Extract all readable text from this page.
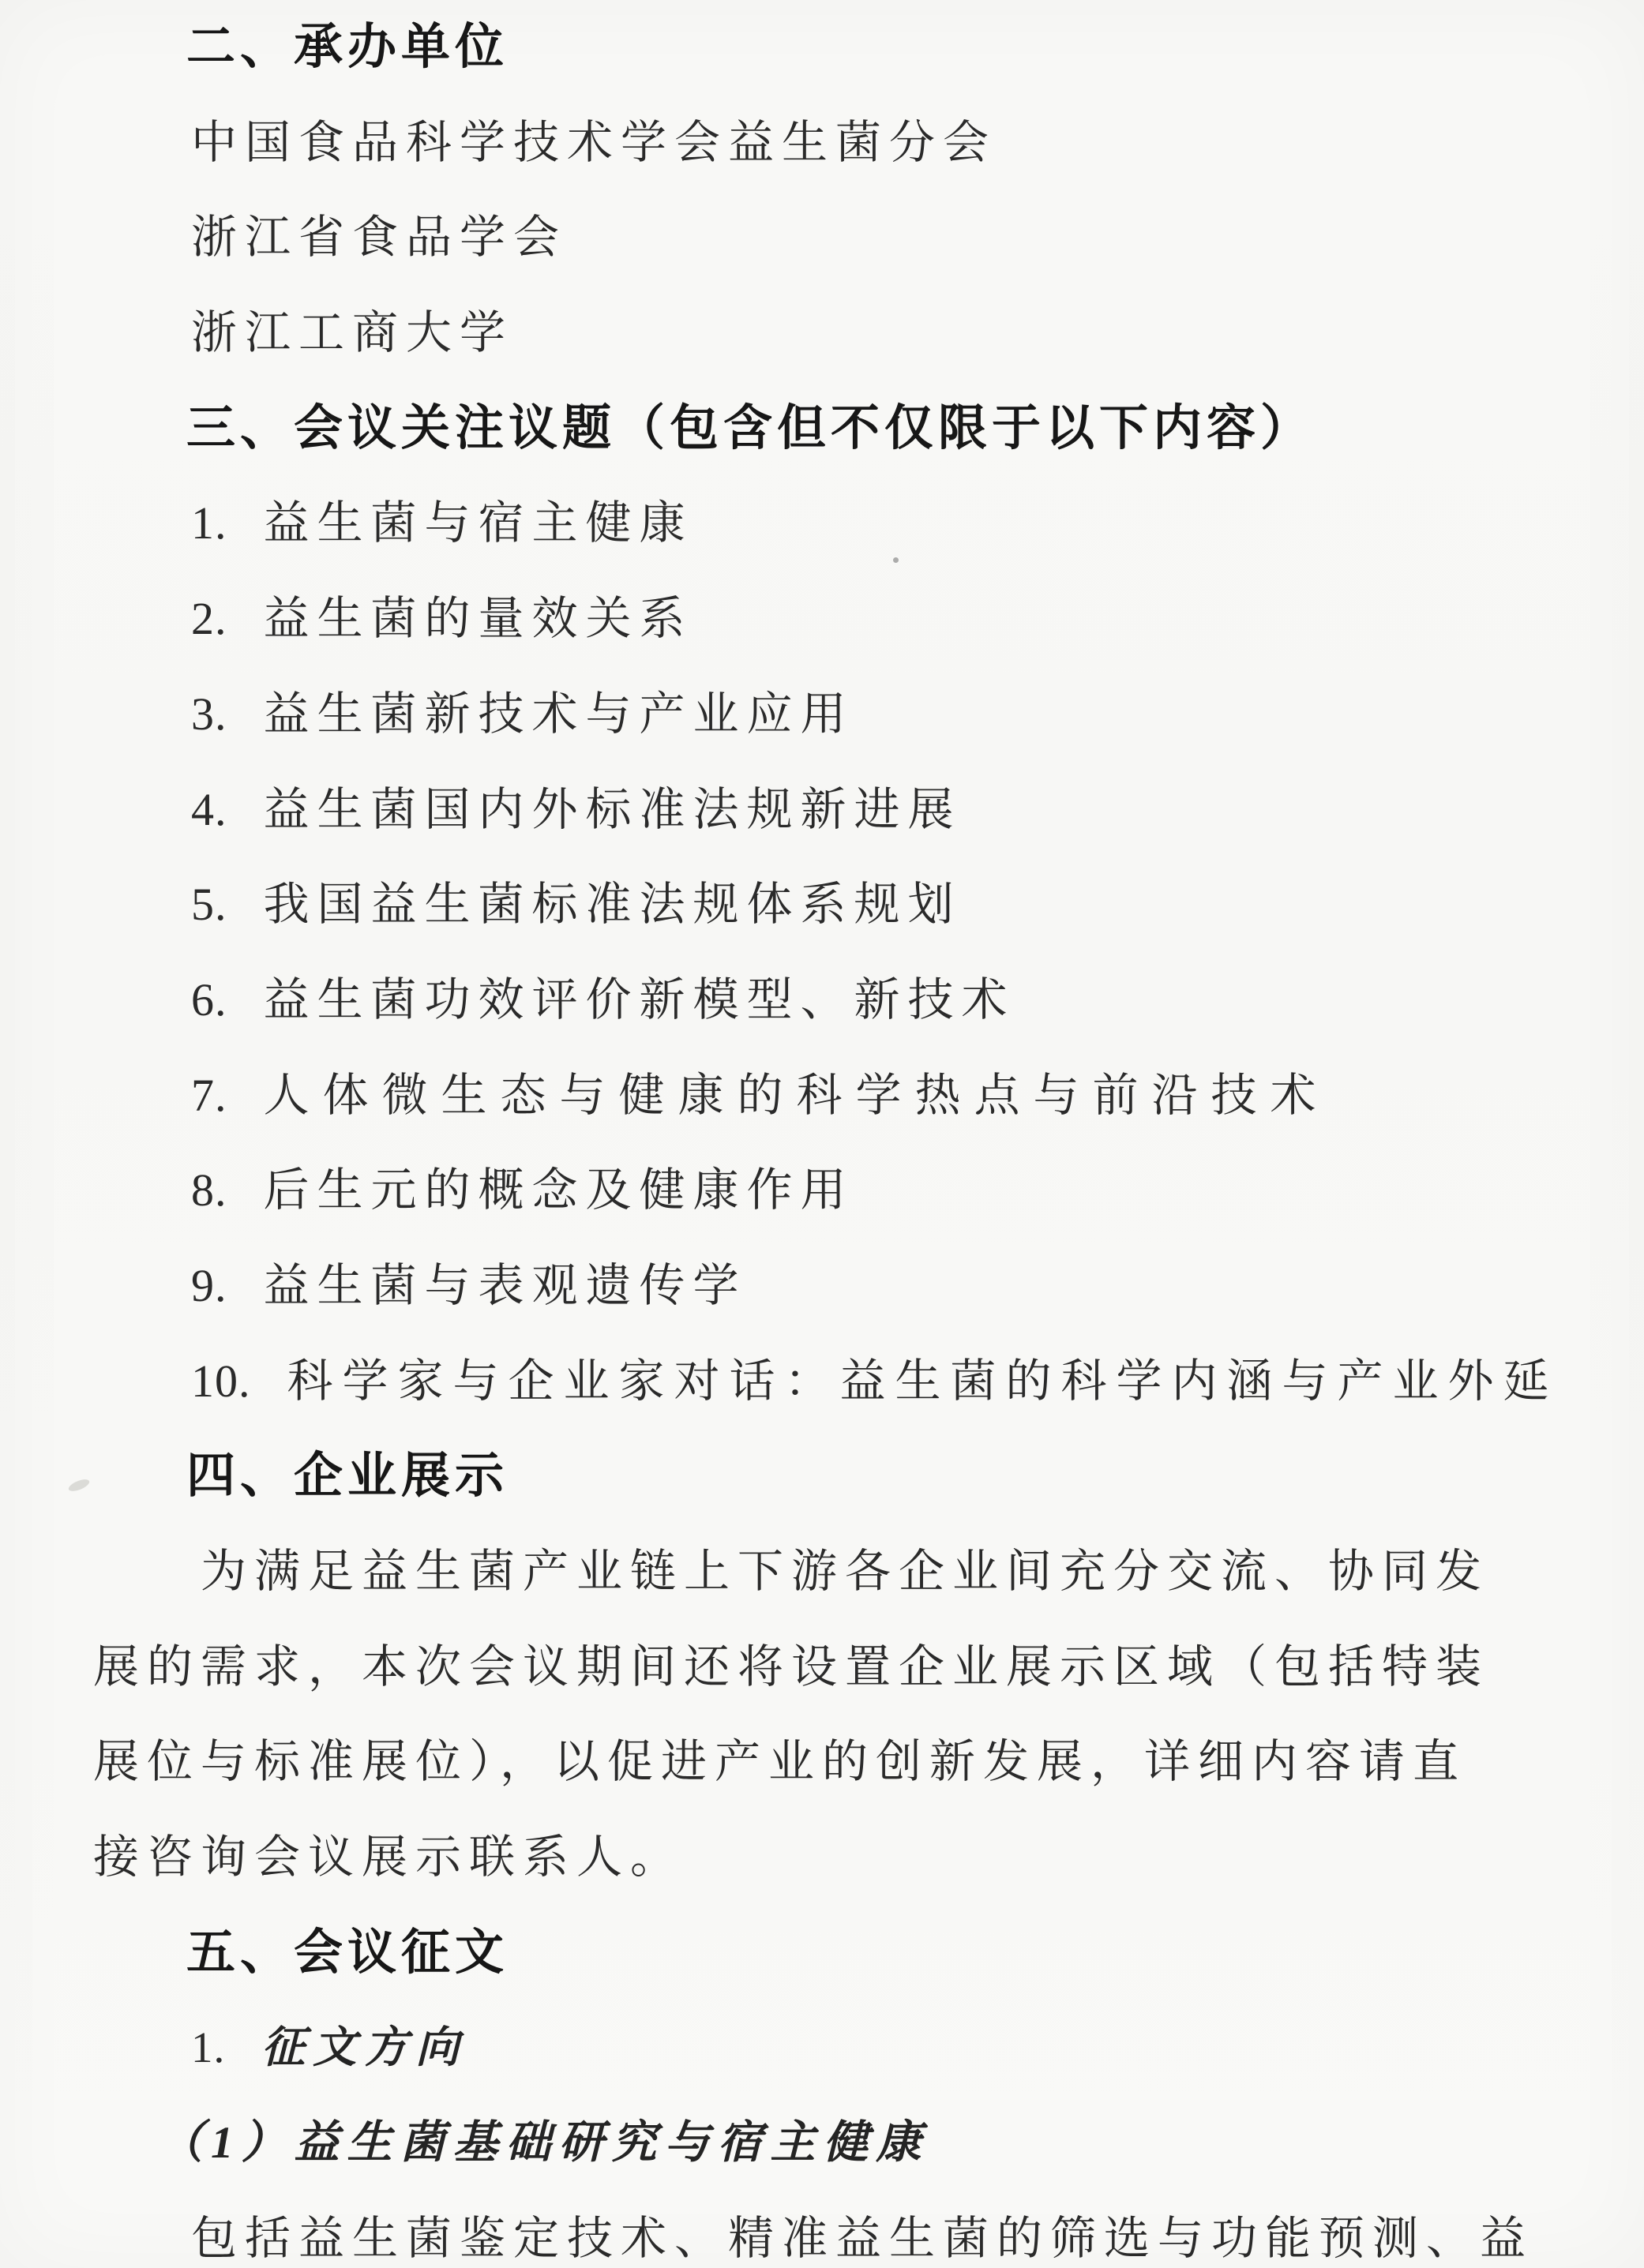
二、承办单位
中国食品科学技术学会益生菌分会
浙江省食品学会
浙江工商大学
三、会议关注议题（包含但不仅限于以下内容）
1. 益生菌与宿主健康
2. 益生菌的量效关系
3. 益生菌新技术与产业应用
4. 益生菌国内外标准法规新进展
5. 我国益生菌标准法规体系规划
6. 益生菌功效评价新模型、新技术
7. 人体微生态与健康的科学热点与前沿技术
8. 后生元的概念及健康作用
9. 益生菌与表观遗传学
10. 科学家与企业家对话：益生菌的科学内涵与产业外延
四、企业展示
为满足益生菌产业链上下游各企业间充分交流、协同发
展的需求，本次会议期间还将设置企业展示区域（包括特装
展位与标准展位），以促进产业的创新发展，详细内容请直
接咨询会议展示联系人。
五、会议征文
1. 征文方向
（1）益生菌基础研究与宿主健康
包括益生菌鉴定技术、精准益生菌的筛选与功能预测、益
